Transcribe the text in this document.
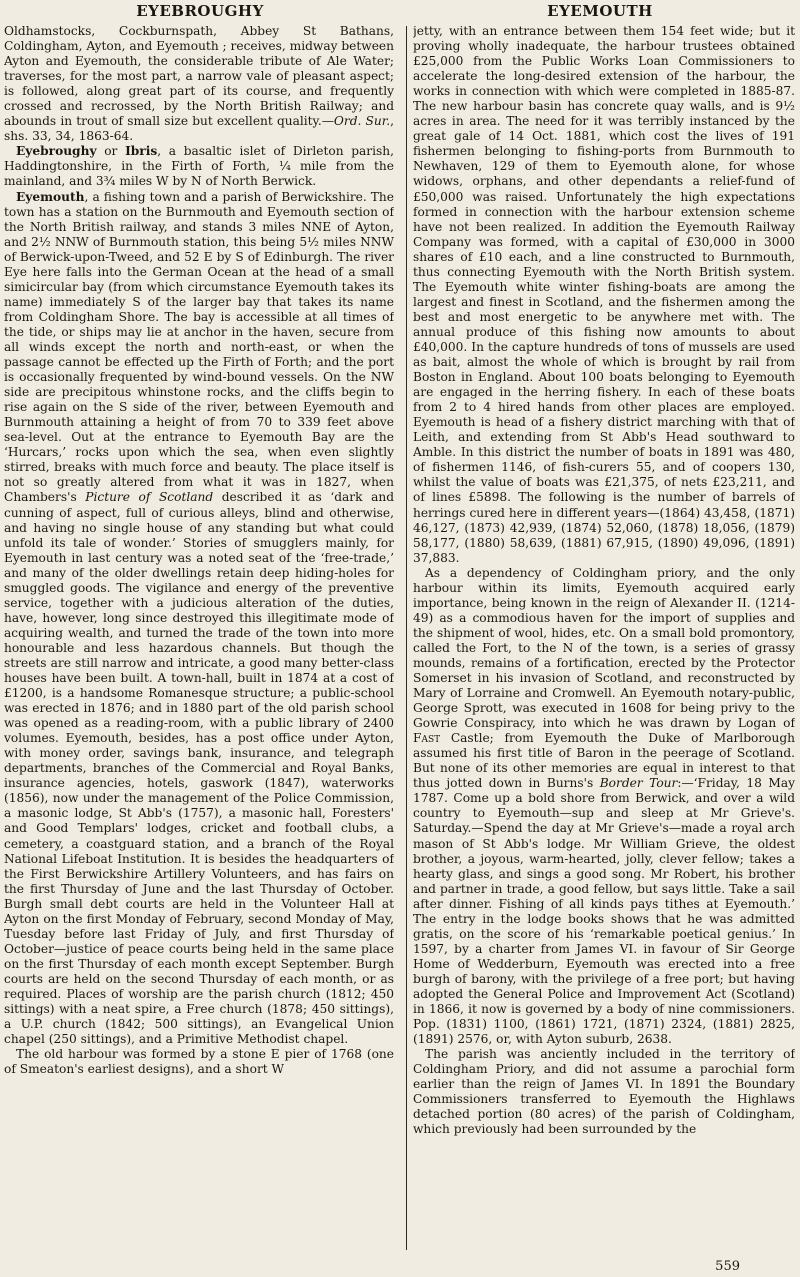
EYEBROUGHY	EYEMOUTH

Oldhamstocks, Cockburnspath, Abbey St Bathans, Coldingham, Ayton, and Eyemouth ; receives, midway between Ayton and Eyemouth, the considerable tribute of Ale Water; traverses, for the most part, a narrow vale of pleasant aspect; is followed, along great part of its course, and frequently crossed and recrossed, by the North British Railway; and abounds in trout of small size but excellent quality.—Ord. Sur., shs. 33, 34, 1863-64.

Eyebroughy or Ibris, a basaltic islet of Dirleton parish, Haddingtonshire, in the Firth of Forth, ¼ mile from the mainland, and 3¾ miles W by N of North Berwick.

Eyemouth, a fishing town and a parish of Berwickshire. The town has a station on the Burnmouth and Eyemouth section of the North British railway, and stands 3 miles NNE of Ayton, and 2½ NNW of Burnmouth station, this being 5½ miles NNW of Berwick-upon-Tweed, and 52 E by S of Edinburgh. The river Eye here falls into the German Ocean at the head of a small simicircular bay (from which circumstance Eyemouth takes its name) immediately S of the larger bay that takes its name from Coldingham Shore. The bay is accessible at all times of the tide, or ships may lie at anchor in the haven, secure from all winds except the north and north-east, or when the passage cannot be effected up the Firth of Forth; and the port is occasionally frequented by wind-bound vessels. On the NW side are precipitous whinstone rocks, and the cliffs begin to rise again on the S side of the river, between Eyemouth and Burnmouth attaining a height of from 70 to 339 feet above sea-level. Out at the entrance to Eyemouth Bay are the ‘Hurcars,’ rocks upon which the sea, when even slightly stirred, breaks with much force and beauty. The place itself is not so greatly altered from what it was in 1827, when Chambers's Picture of Scotland described it as ‘dark and cunning of aspect, full of curious alleys, blind and otherwise, and having no single house of any standing but what could unfold its tale of wonder.’ Stories of smugglers mainly, for Eyemouth in last century was a noted seat of the ‘free-trade,’ and many of the older dwellings retain deep hiding-holes for smuggled goods. The vigilance and energy of the preventive service, together with a judicious alteration of the duties, have, however, long since destroyed this illegitimate mode of acquiring wealth, and turned the trade of the town into more honourable and less hazardous channels. But though the streets are still narrow and intricate, a good many better-class houses have been built. A town-hall, built in 1874 at a cost of £1200, is a handsome Romanesque structure; a public-school was erected in 1876; and in 1880 part of the old parish school was opened as a reading-room, with a public library of 2400 volumes. Eyemouth, besides, has a post office under Ayton, with money order, savings bank, insurance, and telegraph departments, branches of the Commercial and Royal Banks, insurance agencies, hotels, gaswork (1847), waterworks (1856), now under the management of the Police Commission, a masonic lodge, St Abb's (1757), a masonic hall, Foresters' and Good Templars' lodges, cricket and football clubs, a cemetery, a coastguard station, and a branch of the Royal National Lifeboat Institution. It is besides the headquarters of the First Berwickshire Artillery Volunteers, and has fairs on the first Thursday of June and the last Thursday of October. Burgh small debt courts are held in the Volunteer Hall at Ayton on the first Monday of February, second Monday of May, Tuesday before last Friday of July, and first Thursday of October—justice of peace courts being held in the same place on the first Thursday of each month except September. Burgh courts are held on the second Thursday of each month, or as required. Places of worship are the parish church (1812; 450 sittings) with a neat spire, a Free church (1878; 450 sittings), a U.P. church (1842; 500 sittings), an Evangelical Union chapel (250 sittings), and a Primitive Methodist chapel.

The old harbour was formed by a stone E pier of 1768 (one of Smeaton's earliest designs), and a short W

jetty, with an entrance between them 154 feet wide; but it proving wholly inadequate, the harbour trustees obtained £25,000 from the Public Works Loan Commissioners to accelerate the long-desired extension of the harbour, the works in connection with which were completed in 1885-87. The new harbour basin has concrete quay walls, and is 9½ acres in area. The need for it was terribly instanced by the great gale of 14 Oct. 1881, which cost the lives of 191 fishermen belonging to fishing-ports from Burnmouth to Newhaven, 129 of them to Eyemouth alone, for whose widows, orphans, and other dependants a relief-fund of £50,000 was raised. Unfortunately the high expectations formed in connection with the harbour extension scheme have not been realized. In addition the Eyemouth Railway Company was formed, with a capital of £30,000 in 3000 shares of £10 each, and a line constructed to Burnmouth, thus connecting Eyemouth with the North British system. The Eyemouth white winter fishing-boats are among the largest and finest in Scotland, and the fishermen among the best and most energetic to be anywhere met with. The annual produce of this fishing now amounts to about £40,000. In the capture hundreds of tons of mussels are used as bait, almost the whole of which is brought by rail from Boston in England. About 100 boats belonging to Eyemouth are engaged in the herring fishery. In each of these boats from 2 to 4 hired hands from other places are employed. Eyemouth is head of a fishery district marching with that of Leith, and extending from St Abb's Head southward to Amble. In this district the number of boats in 1891 was 480, of fishermen 1146, of fish-curers 55, and of coopers 130, whilst the value of boats was £21,375, of nets £23,211, and of lines £5898. The following is the number of barrels of herrings cured here in different years—(1864) 43,458, (1871) 46,127, (1873) 42,939, (1874) 52,060, (1878) 18,056, (1879) 58,177, (1880) 58,639, (1881) 67,915, (1890) 49,096, (1891) 37,883.

As a dependency of Coldingham priory, and the only harbour within its limits, Eyemouth acquired early importance, being known in the reign of Alexander II. (1214-49) as a commodious haven for the import of supplies and the shipment of wool, hides, etc. On a small bold promontory, called the Fort, to the N of the town, is a series of grassy mounds, remains of a fortification, erected by the Protector Somerset in his invasion of Scotland, and reconstructed by Mary of Lorraine and Cromwell. An Eyemouth notary-public, George Sprott, was executed in 1608 for being privy to the Gowrie Conspiracy, into which he was drawn by Logan of Fast Castle; from Eyemouth the Duke of Marlborough assumed his first title of Baron in the peerage of Scotland. But none of its other memories are equal in interest to that thus jotted down in Burns's Border Tour:—‘Friday, 18 May 1787. Come up a bold shore from Berwick, and over a wild country to Eyemouth—sup and sleep at Mr Grieve's. Saturday.—Spend the day at Mr Grieve's—made a royal arch mason of St Abb's lodge. Mr William Grieve, the oldest brother, a joyous, warm-hearted, jolly, clever fellow; takes a hearty glass, and sings a good song. Mr Robert, his brother and partner in trade, a good fellow, but says little. Take a sail after dinner. Fishing of all kinds pays tithes at Eyemouth.’ The entry in the lodge books shows that he was admitted gratis, on the score of his ‘remarkable poetical genius.’ In 1597, by a charter from James VI. in favour of Sir George Home of Wedderburn, Eyemouth was erected into a free burgh of barony, with the privilege of a free port; but having adopted the General Police and Improvement Act (Scotland) in 1866, it now is governed by a body of nine commissioners. Pop. (1831) 1100, (1861) 1721, (1871) 2324, (1881) 2825, (1891) 2576, or, with Ayton suburb, 2638.

The parish was anciently included in the territory of Coldingham Priory, and did not assume a parochial form earlier than the reign of James VI. In 1891 the Boundary Commissioners transferred to Eyemouth the Highlaws detached portion (80 acres) of the parish of Coldingham, which previously had been surrounded by the

559
